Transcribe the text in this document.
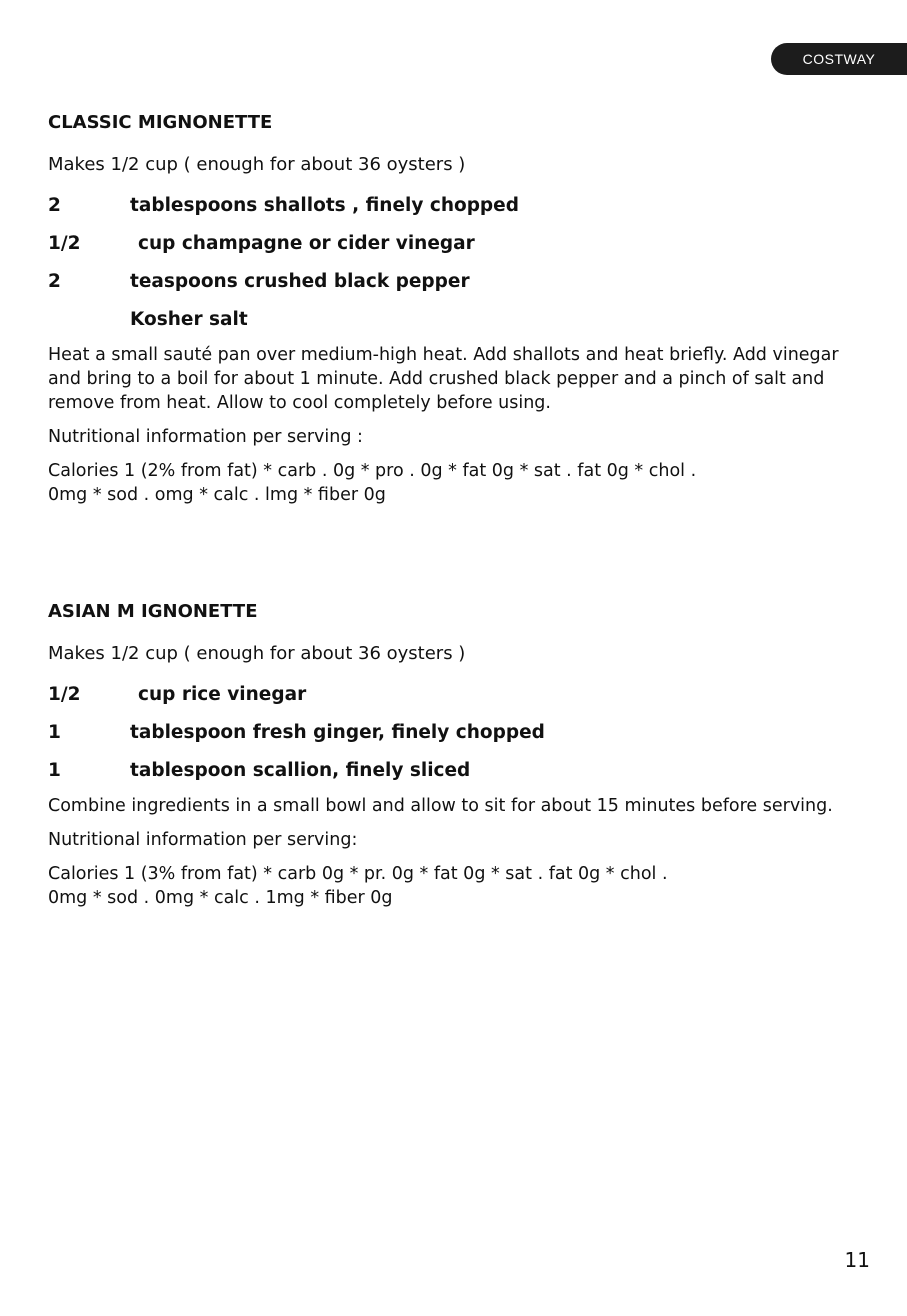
COSTWAY
CLASSIC MIGNONETTE

Makes 1/2 cup ( enough for about 36 oysters )

2	tablespoons shallots , finely chopped
1/2	cup champagne or cider vinegar
2	teaspoons crushed black pepper
Kosher salt

Heat a small sauté pan over medium-high heat. Add shallots and heat briefly. Add vinegar and bring to a boil for about 1 minute. Add crushed black pepper and a pinch of salt and remove from heat. Allow to cool completely before using.

Nutritional information per serving :

Calories 1 (2% from fat) * carb . 0g * pro . 0g * fat 0g * sat . fat 0g * chol .
0mg * sod . omg * calc . lmg * fiber 0g

ASIAN M IGNONETTE

Makes 1/2 cup ( enough for about 36 oysters )

1/2	cup rice vinegar
1	tablespoon fresh ginger, finely chopped
1	tablespoon scallion, finely sliced

Combine ingredients in a small bowl and allow to sit for about 15 minutes before serving.

Nutritional information per serving:

Calories 1 (3% from fat) * carb 0g * pr. 0g * fat 0g * sat . fat 0g * chol .
0mg * sod . 0mg * calc . 1mg * fiber 0g

11
